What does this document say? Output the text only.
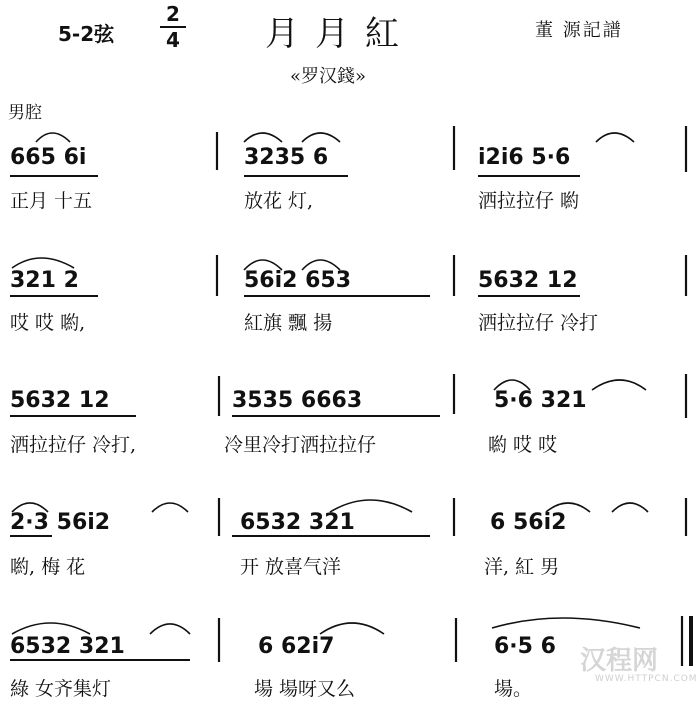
5-2弦
2
4	月月紅	董 源記譜
«罗汉錢»
男腔
665 6i	3235 6	i2i6 5·6
正月 十五	放花 灯,	洒拉拉仔 喲
321 2	56i2 653	5632 12
哎 哎 喲,	紅旗 飄 揚	洒拉拉仔 冷打
5632 12	3535 6663	5·6 321
洒拉拉仔 冷打,	冷里冷打洒拉拉仔	喲 哎 哎
2·3 56i2	6532 321	6 56i2
喲, 梅 花	开 放喜气洋	洋, 紅 男
6532 321	6 62i7	6·5 6
綠 女齐集灯	場 場呀又么	場。
汉程网
WWW.HTTPCN.COM
